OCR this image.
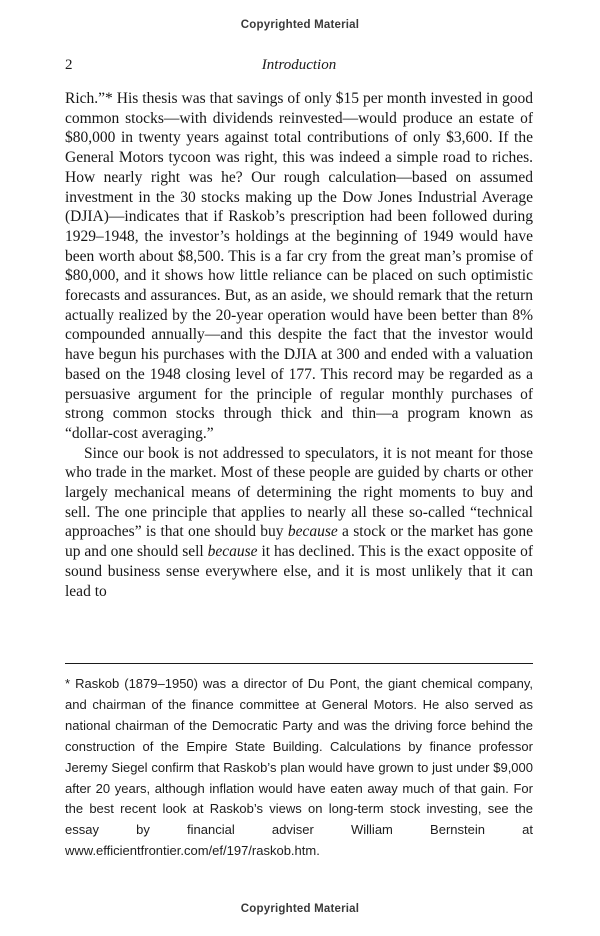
Copyrighted Material
2	Introduction

Rich.”* His thesis was that savings of only $15 per month invested in good common stocks—with dividends reinvested—would produce an estate of $80,000 in twenty years against total contributions of only $3,600. If the General Motors tycoon was right, this was indeed a simple road to riches. How nearly right was he? Our rough calculation—based on assumed investment in the 30 stocks making up the Dow Jones Industrial Average (DJIA)—indicates that if Raskob’s prescription had been followed during 1929–1948, the investor’s holdings at the beginning of 1949 would have been worth about $8,500. This is a far cry from the great man’s promise of $80,000, and it shows how little reliance can be placed on such optimistic forecasts and assurances. But, as an aside, we should remark that the return actually realized by the 20-year operation would have been better than 8% compounded annually—and this despite the fact that the investor would have begun his purchases with the DJIA at 300 and ended with a valuation based on the 1948 closing level of 177. This record may be regarded as a persuasive argument for the principle of regular monthly purchases of strong common stocks through thick and thin—a program known as “dollar-cost averaging.”

Since our book is not addressed to speculators, it is not meant for those who trade in the market. Most of these people are guided by charts or other largely mechanical means of determining the right moments to buy and sell. The one principle that applies to nearly all these so-called “technical approaches” is that one should buy because a stock or the market has gone up and one should sell because it has declined. This is the exact opposite of sound business sense everywhere else, and it is most unlikely that it can lead to

* Raskob (1879–1950) was a director of Du Pont, the giant chemical company, and chairman of the finance committee at General Motors. He also served as national chairman of the Democratic Party and was the driving force behind the construction of the Empire State Building. Calculations by finance professor Jeremy Siegel confirm that Raskob’s plan would have grown to just under $9,000 after 20 years, although inflation would have eaten away much of that gain. For the best recent look at Raskob’s views on long-term stock investing, see the essay by financial adviser William Bernstein at www.efficientfrontier.com/ef/197/raskob.htm.
Copyrighted Material
